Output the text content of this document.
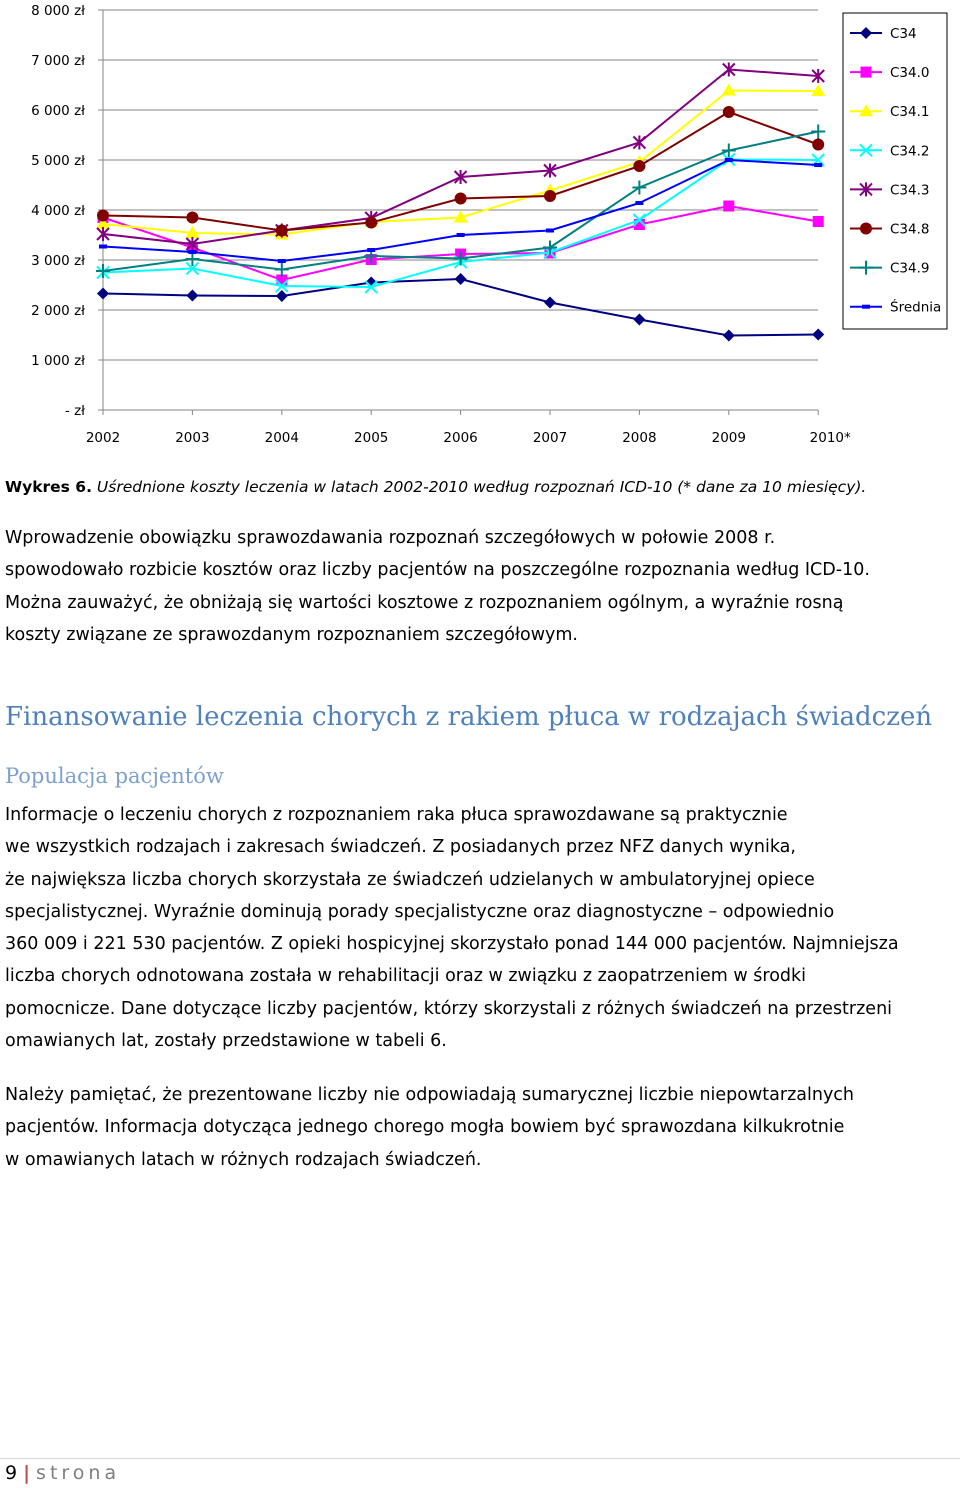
- zł
1 000 zł
2 000 zł
3 000 zł
4 000 zł
5 000 zł
6 000 zł
7 000 zł
8 000 zł
2002	2003	2004	2005	2006	2007	2008	2009	2010*
C34
C34.0
C34.1
C34.2
C34.3
C34.8
C34.9
Średnia
Wykres 6. Uśrednione koszty leczenia w latach 2002-2010 według rozpoznań ICD-10 (* dane za 10 miesięcy).

Wprowadzenie obowiązku sprawozdawania rozpoznań szczegółowych w połowie 2008 r.

spowodowało rozbicie kosztów oraz liczby pacjentów na poszczególne rozpoznania według ICD-10.

Można zauważyć, że obniżają się wartości kosztowe z rozpoznaniem ogólnym, a wyraźnie rosną

koszty związane ze sprawozdanym rozpoznaniem szczegółowym.

Finansowanie leczenia chorych z rakiem płuca w rodzajach świadczeń
Populacja pacjentów

Informacje o leczeniu chorych z rozpoznaniem raka płuca sprawozdawane są praktycznie

we wszystkich rodzajach i zakresach świadczeń. Z posiadanych przez NFZ danych wynika,

że największa liczba chorych skorzystała ze świadczeń udzielanych w ambulatoryjnej opiece

specjalistycznej. Wyraźnie dominują porady specjalistyczne oraz diagnostyczne – odpowiednio

360 009 i 221 530 pacjentów. Z opieki hospicyjnej skorzystało ponad 144 000 pacjentów. Najmniejsza

liczba chorych odnotowana została w rehabilitacji oraz w związku z zaopatrzeniem w środki

pomocnicze. Dane dotyczące liczby pacjentów, którzy skorzystali z różnych świadczeń na przestrzeni

omawianych lat, zostały przedstawione w tabeli 6.

Należy pamiętać, że prezentowane liczby nie odpowiadają sumarycznej liczbie niepowtarzalnych

pacjentów. Informacja dotycząca jednego chorego mogła bowiem być sprawozdana kilkukrotnie

w omawianych latach w różnych rodzajach świadczeń.

9 | strona
